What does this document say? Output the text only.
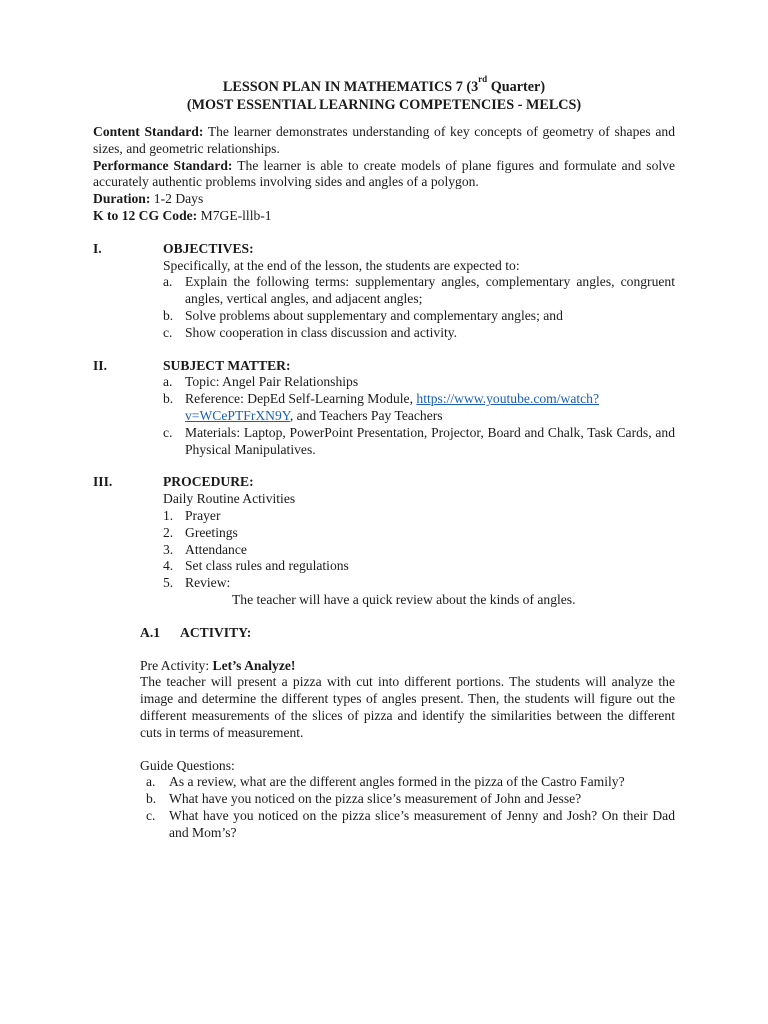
LESSON PLAN IN MATHEMATICS 7 (3rd Quarter)
(MOST ESSENTIAL LEARNING COMPETENCIES - MELCS)
Content Standard: The learner demonstrates understanding of key concepts of geometry of shapes and sizes, and geometric relationships.
Performance Standard: The learner is able to create models of plane figures and formulate and solve accurately authentic problems involving sides and angles of a polygon.
Duration: 1-2 Days
K to 12 CG Code: M7GE-lllb-1
I.	OBJECTIVES:
Specifically, at the end of the lesson, the students are expected to:
a. Explain the following terms: supplementary angles, complementary angles, congruent angles, vertical angles, and adjacent angles;
b. Solve problems about supplementary and complementary angles; and
c. Show cooperation in class discussion and activity.
II.	SUBJECT MATTER:
a. Topic: Angel Pair Relationships
b. Reference: DepEd Self-Learning Module, https://www.youtube.com/watch?v=WCePTFrXN9Y, and Teachers Pay Teachers
c. Materials: Laptop, PowerPoint Presentation, Projector, Board and Chalk, Task Cards, and Physical Manipulatives.
III.	PROCEDURE:
Daily Routine Activities
1. Prayer
2. Greetings
3. Attendance
4. Set class rules and regulations
5. Review:
The teacher will have a quick review about the kinds of angles.
A.1	ACTIVITY:
Pre Activity: Let’s Analyze!
The teacher will present a pizza with cut into different portions. The students will analyze the image and determine the different types of angles present. Then, the students will figure out the different measurements of the slices of pizza and identify the similarities between the different cuts in terms of measurement.
Guide Questions:
a. As a review, what are the different angles formed in the pizza of the Castro Family?
b. What have you noticed on the pizza slice’s measurement of John and Jesse?
c. What have you noticed on the pizza slice’s measurement of Jenny and Josh? On their Dad and Mom’s?
